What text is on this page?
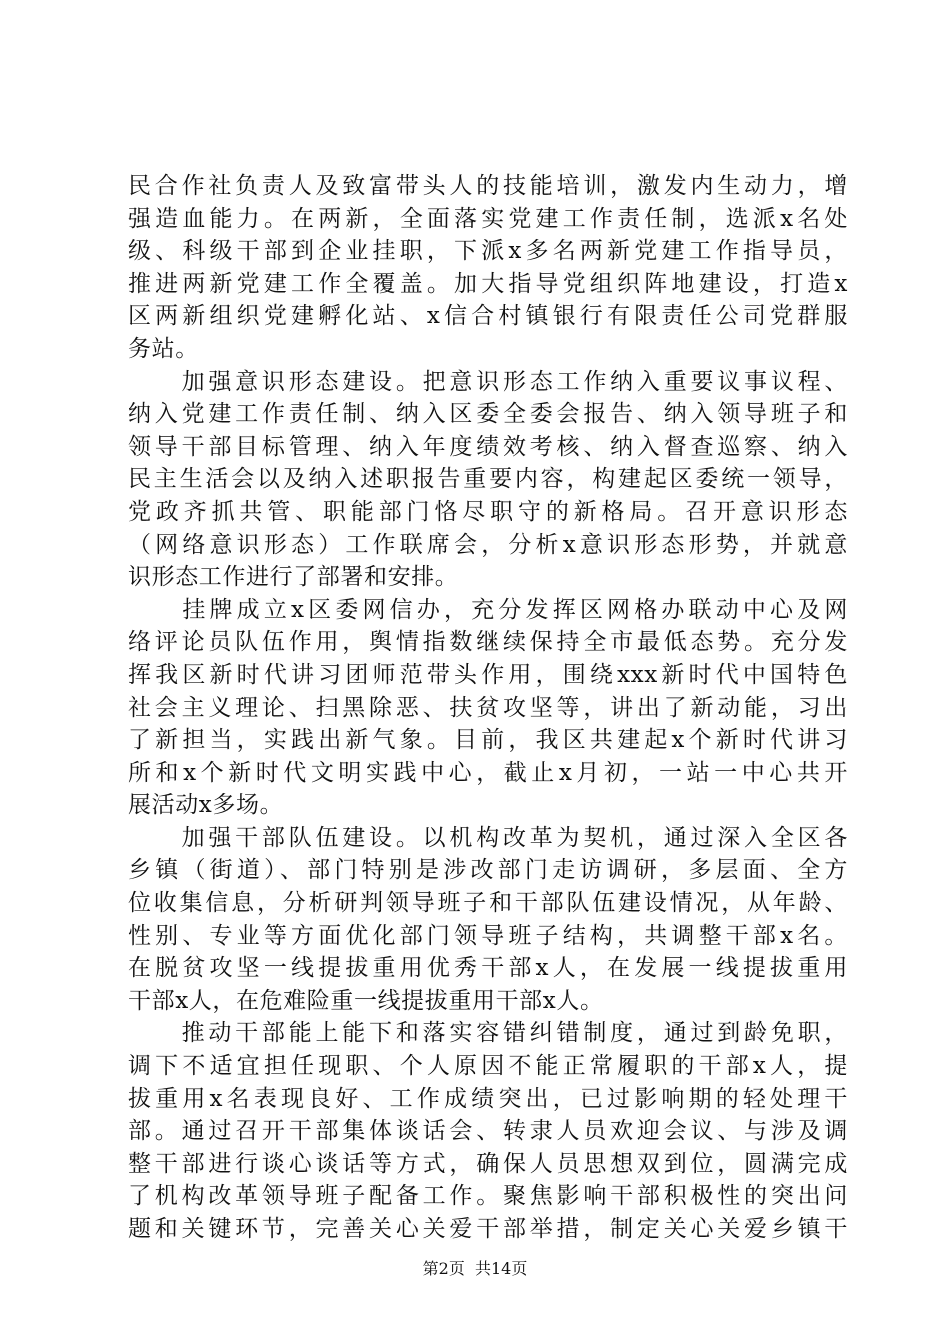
民合作社负责人及致富带头人的技能培训，激发内生动力，增
强造血能力。在两新，全面落实党建工作责任制，选派x名处
级、科级干部到企业挂职，下派x多名两新党建工作指导员，
推进两新党建工作全覆盖。加大指导党组织阵地建设，打造x
区两新组织党建孵化站、x信合村镇银行有限责任公司党群服
务站。
　　加强意识形态建设。把意识形态工作纳入重要议事议程、
纳入党建工作责任制、纳入区委全委会报告、纳入领导班子和
领导干部目标管理、纳入年度绩效考核、纳入督查巡察、纳入
民主生活会以及纳入述职报告重要内容，构建起区委统一领导，
党政齐抓共管、职能部门恪尽职守的新格局。召开意识形态
（网络意识形态）工作联席会，分析x意识形态形势，并就意
识形态工作进行了部署和安排。
　　挂牌成立x区委网信办，充分发挥区网格办联动中心及网
络评论员队伍作用，舆情指数继续保持全市最低态势。充分发
挥我区新时代讲习团师范带头作用，围绕xxx新时代中国特色
社会主义理论、扫黑除恶、扶贫攻坚等，讲出了新动能，习出
了新担当，实践出新气象。目前，我区共建起x个新时代讲习
所和x个新时代文明实践中心，截止x月初，一站一中心共开
展活动x多场。
　　加强干部队伍建设。以机构改革为契机，通过深入全区各
乡镇（街道）、部门特别是涉改部门走访调研，多层面、全方
位收集信息，分析研判领导班子和干部队伍建设情况，从年龄、
性别、专业等方面优化部门领导班子结构，共调整干部x名。
在脱贫攻坚一线提拔重用优秀干部x人，在发展一线提拔重用
干部x人，在危难险重一线提拔重用干部x人。
　　推动干部能上能下和落实容错纠错制度，通过到龄免职，
调下不适宜担任现职、个人原因不能正常履职的干部x人，提
拔重用x名表现良好、工作成绩突出，已过影响期的轻处理干
部。通过召开干部集体谈话会、转隶人员欢迎会议、与涉及调
整干部进行谈心谈话等方式，确保人员思想双到位，圆满完成
了机构改革领导班子配备工作。聚焦影响干部积极性的突出问
题和关键环节，完善关心关爱干部举措，制定关心关爱乡镇干
第2页  共14页
